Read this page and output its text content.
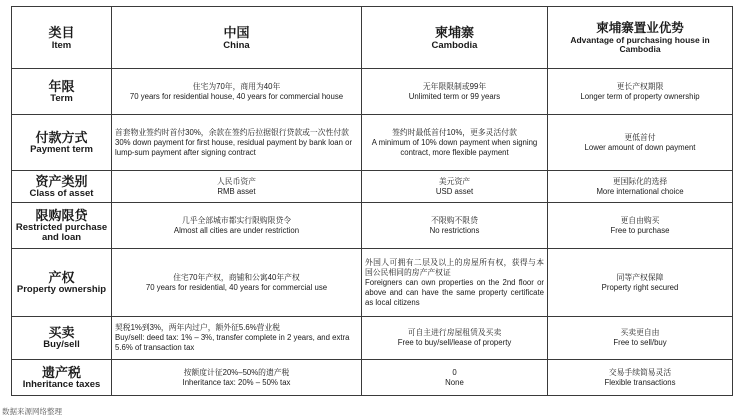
类目
Item	中国
China	柬埔寨
Cambodia	柬埔寨置业优势
Advantage of purchasing house in Cambodia

年限
Term	住宅为70年，商用为40年
70 years for residential house, 40 years for commercial house	无年限限制或99年
Unlimited term or 99 years	更长产权期限
Longer term of property ownership

付款方式
Payment term	首套物业签约时首付30%，余款在签约后拉据银行贷款或一次性付款
30% down payment for first house, residual payment by bank loan or lump-sum payment after signing contract	签约时最低首付10%，更多灵活付款
A minimum of 10% down payment when signing contract, more flexible payment	更低首付
Lower amount of down payment

资产类别
Class of asset	人民币资产
RMB asset	美元资产
USD asset	更国际化的选择
More international choice

限购限贷
Restricted purchase and loan	几乎全部城市都实行限购限贷令
Almost all cities are under restriction	不限购不限贷
No restrictions	更自由购买
Free to purchase

产权
Property ownership	住宅70年产权，商铺和公寓40年产权
70 years for residential, 40 years for commercial use	外国人可拥有二层及以上的房屋所有权，获得与本国公民相同的房产产权证
Foreigners can own properties on the 2nd floor or above and can have the same property certificate as local citizens	同等产权保障
Property right secured

买卖
Buy/sell	契税1%到3%，两年内过户，额外征5.6%营业税
Buy/sell: deed tax: 1% – 3%, transfer complete in 2 years, and extra 5.6% of transaction tax	可自主进行房屋租赁及买卖
Free to buy/sell/lease of property	买卖更自由
Free to sell/buy

遗产税
Inheritance taxes	按额度计征20%–50%的遗产税
Inheritance tax: 20% – 50% tax	0
None	交易手续简易灵活
Flexible transactions
数据来源网络整理
